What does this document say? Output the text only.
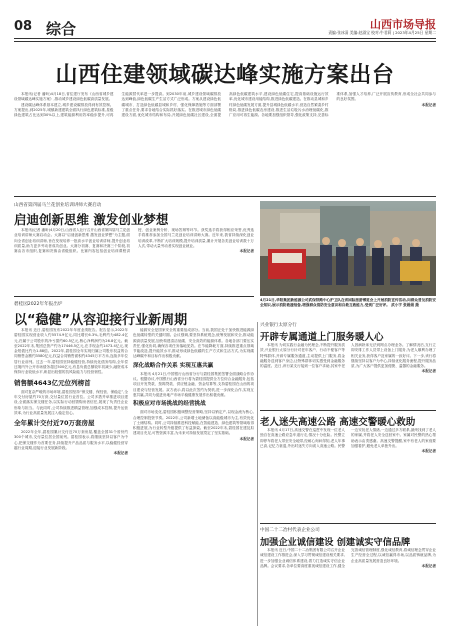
08 综合	山西市场导报
责编:张冰清 美编:赵淑宝 校对:牛君莉 | 2023年4月25日 星期二
山西住建领域碳达峰实施方案出台

本报讯(记者 潘昕)4月18日,省住建厅发布《山西省城乡建设领域碳达峰实施方案》,推动城乡建设绿色低碳高质量发展。

建设碳达峰体系基本建立,城乡建设碳排放得到有效控制。方案提出,到2025年,城镇新建建筑全面执行绿色建筑标准,星级绿色建筑占比达到30%以上,建筑能源利用效率稳步提升,可再生能源替代率进一步提高。到2030年前,城乡建设领域碳排放达到峰值,绿色低碳生产生活方式广泛形成。方案从建设绿色低碳城市、打造绿色低碳县城和乡村、强化保障措施等方面部署了重点任务,要求各地结合实际抓好落实。在推进城市绿色低碳建设方面,优化城市结构和布局,开展绿色低碳社区建设,全面提高绿色低碳建筑水平,建设绿色低碳住宅,提高基础设施运行效率,优化城市建设用能结构,推进绿色低碳建造。在推动县城和乡村绿色低碳发展方面,提升县城绿色低碳水平,营造自然紧凑乡村格局,推进绿色低碳农房建设,推进生活垃圾污水治理低碳化,推广应用可再生能源。各地要加强组织领导,强化政策支持,完善标准体系,加强人才培养,广泛开展宣传教育,形成全社会共同参与的良好氛围。

本报记者

山西省第四届马兰花创业培训讲师大赛启动
启迪创新思维 激发创业梦想

本报讯(记者 潘昕)4月20日,山西省人社厅召开山西省第四届马兰花创业培训讲师大赛启动会。大赛以“启迪创新思维 激发创业梦想”为主题,面向全省创业培训讲师,旨在发现培养一批高水平创业培训讲师,提升创业培训质量,助力更多劳动者成功创业。大赛分初赛、复赛和决赛三个阶段,初赛由各市组织,复赛和决赛由省级组织。比赛内容包括创业培训课程讲授、创业案例分析、现场答辩等环节。获奖选手将获得相应荣誉,优秀选手将推荐参加全国马兰花创业培训讲师大赛。近年来,我省持续深化创业培训改革,不断扩大培训规模,提升培训质量,累计开展各类创业培训数十万人次,带动大量劳动者实现创业就业。

本报记者

4月21日,华阳集团新能源公司武保铁路中心护卫队在省国际旅游博览会上开展消防宣传活动,向群众普及消防安全知识,展示消防救援装备,增强群众消防安全意识和自救互救能力,受到广泛好评。 武小宇 张娟娟 摄
碧桂园2022年年报出炉
以“稳健”从容迎接行业新周期

本报讯 近日,碧桂园发布2022年年度业绩报告。报告显示,2022年碧桂园实现营业收入约5574.9亿元,同比增长6.3%,毛利约为482.4亿元,归属于公司股东的净亏损约60.5亿元,核心净利润约为26.8亿元。截至2022年末,集团总资产约为17446.5亿元,在手现金约1473.4亿元,现金短债比约为1.88倍。2022年,碧桂园全年实现归属公司股东权益的合同销售金额约3580亿元,权益合同销售面积约4345万平方米,连续多年位居行业前列。过去一年,碧桂园坚持稳健经营,持续优化债务结构,全年偿还境内外公开市场债务超过500亿元,有息负债总额较年初减少,融资成本保持行业较低水平,彰显出较强的抗风险能力与经营韧性。

销售额4643亿元位列榜首

面对复杂严峻的市场环境,碧桂园坚持“保交楼、保经营、保稳定”,全年交付房屋约70万套,交付量位居行业首位。公司多措并举推进项目建设,全面落实保交楼任务,以实际行动回馈购房者信任,展现了负责任企业形象与担当。与此同时,公司持续推进精益管理,加强成本控制,提升运营效率,为行业高质量发展注入稳定信心。

全年累计交付近70万套房屋

2022年全年,碧桂园累计交付近70万套房屋,覆盖全国31个省份约300个城市,交付量位居全国前列。碧桂园表示,将继续坚持以客户为中心,把保交楼作为首要任务,持续提升产品品质与服务水平,以稳健经营穿越行业周期,迎接行业发展新阶段。

本报记者

能源安全是国家安全的重要组成部分。当前,我国正处于加快推进能源绿色低碳转型的关键时期。会议强调,要坚持系统观念,统筹发展和安全,推动能源高质量发展,加快构建清洁低碳、安全高效的能源体系。各地各部门要压实责任,强化协同,确保各项任务落地见效。在节能降耗方面,持续推进重点领域节能改造,提升能效水平,推动形成绿色低碳的生产方式和生活方式,为实现碳达峰碳中和目标作出积极贡献。

深化战略合作关系 实现互惠共赢

本报讯 4月21日,中国银行山西省分行与碧桂园集团签署全面战略合作协议。根据协议,中国银行山西省分行将为碧桂园提供全方位综合金融服务,包括项目开发贷款、按揭贷款、供应链金融、资金结算等,支持碧桂园在山西的项目建设与经营发展。双方表示,将以此次签约为契机,进一步深化合作,实现互惠共赢,共同为促进房地产市场平稳健康发展作出积极贡献。

积极应对市场挑战的经营挑战

面对市场变化,碧桂园积极调整经营策略,坚持以销定产,以现金流为核心,合理控制投资节奏。2022年,公司新增土地储备以高能级城市为主,有效优化了土储结构。同时,公司持续推进科技赋能,在智能建造、绿色建筑等领域取得积极进展,为行业转型升级提供了有益探索。截至2022年末,碧桂园在建及拟建项目充足,可售资源丰富,为未来可持续发展奠定了坚实基础。

本报记者

兴业银行太原分行
开辟专属通道上门服务暖人心

本报讯 为切实践行金融为民理念,不断提升服务质效,兴业银行太原分行针对老年客户、行动不便客户等特殊群体,开辟专属服务通道,主动提供上门服务,将金融服务送到客户身边,让特殊群体切实感受到金融服务的温度。近日,该行某支行接到一位客户求助,其家中老人因病卧床无法到网点办理业务。了解情况后,支行立即安排工作人员带上设备上门服务,为老人顺利办理了相关业务,获得客户及家属的一致好评。下一步,该行将继续坚持以客户为中心,持续优化服务流程,提升服务品质,为广大客户提供更加便捷、温馨的金融服务。

本报记者

老人迷失高速公路 高速交警暖心救助

本报讯 4月17日,高速交警在巡逻中发现一位老人独自在高速公路应急车道行走,情况十分危险。民警立即停车将老人带至安全地带,经耐心询问得知,老人年事已高,记忆力衰退,外出时迷失方向误入高速公路。民警一边安抚老人情绪,一边通过多方联系,最终找到了老人的家属,并将老人安全送回家中。家属对民警的热心帮助表示由衷感谢。高速交警提醒,家中有老人的家庭要加强看护,避免老人单独外出。

本报记者

中国二十二冶村代表企业公司
加强企业诚信建设 创建诚实守信品牌

本报讯 近日,中国二十二冶集团有限公司召开企业诚信建设工作推进会,深入学习贯彻诚信建设相关要求,进一步加强企业诚信体系建设,着力打造诚实守信企业品牌。会议要求,各单位要高度重视诚信建设工作,健全完善诚信管理制度,强化诚信教育,将诚信理念贯穿企业生产经营全过程,以诚信赢得市场,以品质铸就品牌,为企业高质量发展营造良好环境。

本报记者
